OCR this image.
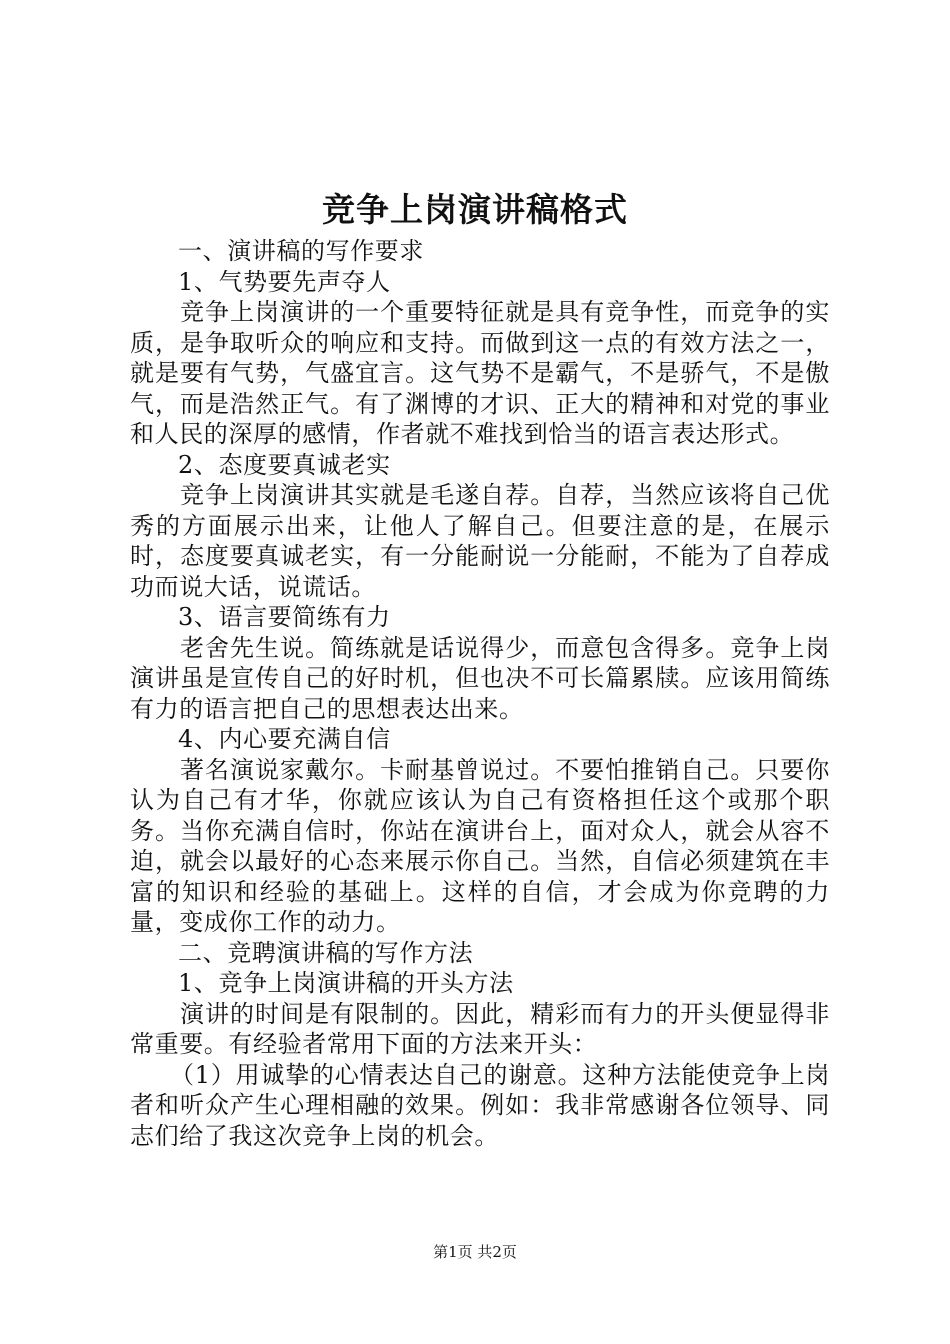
竞争上岗演讲稿格式

一、演讲稿的写作要求

1、气势要先声夺人

竞争上岗演讲的一个重要特征就是具有竞争性，而竞争的实质，是争取听众的响应和支持。而做到这一点的有效方法之一，就是要有气势，气盛宜言。这气势不是霸气，不是骄气，不是傲气，而是浩然正气。有了渊博的才识、正大的精神和对党的事业和人民的深厚的感情，作者就不难找到恰当的语言表达形式。

2、态度要真诚老实

竞争上岗演讲其实就是毛遂自荐。自荐，当然应该将自己优秀的方面展示出来，让他人了解自己。但要注意的是，在展示时，态度要真诚老实，有一分能耐说一分能耐，不能为了自荐成功而说大话，说谎话。

3、语言要简练有力

老舍先生说。简练就是话说得少，而意包含得多。竞争上岗演讲虽是宣传自己的好时机，但也决不可长篇累牍。应该用简练有力的语言把自己的思想表达出来。

4、内心要充满自信

著名演说家戴尔。卡耐基曾说过。不要怕推销自己。只要你认为自己有才华，你就应该认为自己有资格担任这个或那个职务。当你充满自信时，你站在演讲台上，面对众人，就会从容不迫，就会以最好的心态来展示你自己。当然，自信必须建筑在丰富的知识和经验的基础上。这样的自信，才会成为你竞聘的力量，变成你工作的动力。

二、竞聘演讲稿的写作方法

1、竞争上岗演讲稿的开头方法

演讲的时间是有限制的。因此，精彩而有力的开头便显得非常重要。有经验者常用下面的方法来开头：

（1）用诚挚的心情表达自己的谢意。这种方法能使竞争上岗者和听众产生心理相融的效果。例如：我非常感谢各位领导、同志们给了我这次竞争上岗的机会。

第1页 共2页
